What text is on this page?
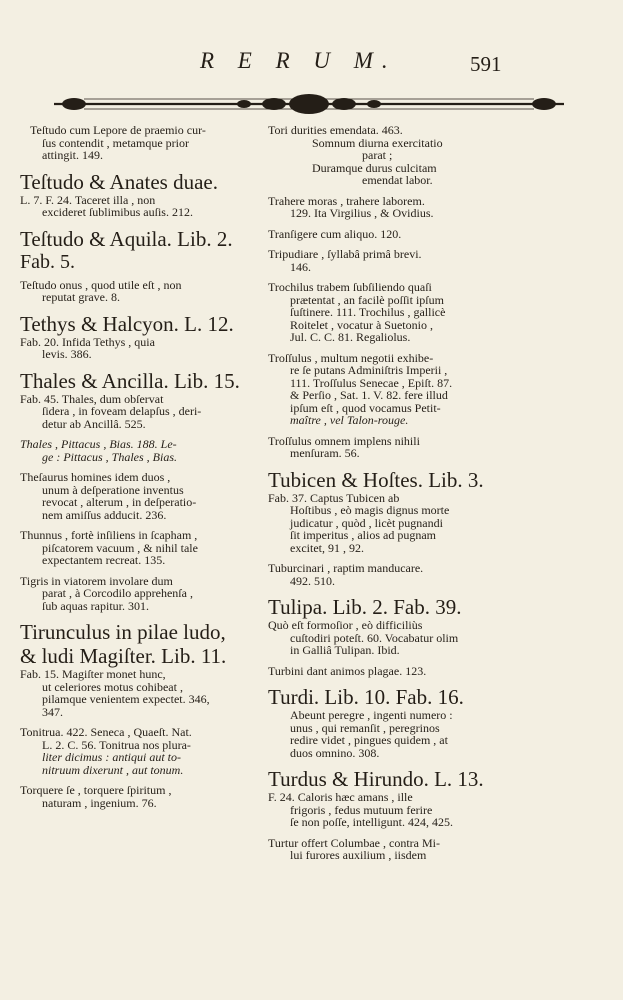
R E R U M.	591
Teſtudo cum Lepore de praemio cur-
ſus contendit , metamque prior
attingit. 149.
Teſtudo & Anates duae.
L. 7. F. 24. Taceret illa , non
excideret ſublimibus auſis. 212.
Teſtudo & Aquila. Lib. 2.
Fab. 5.
Teſtudo onus , quod utile eſt , non
reputat grave. 8.
Tethys & Halcyon. L. 12.
Fab. 20. Infida Tethys , quia
levis. 386.
Thales & Ancilla. Lib. 15.
Fab. 45. Thales, dum obſervat
ſidera , in foveam delapſus , deri-
detur ab Ancillâ. 525.
Thales , Pittacus , Bias. 188. Le-
ge : Pittacus , Thales , Bias.
Theſaurus homines idem duos ,
unum à deſperatione inventus
revocat , alterum , in deſperatio-
nem amiſſus adducit. 236.
Thunnus , fortè inſiliens in ſcapham ,
piſcatorem vacuum , & nihil tale
expectantem recreat. 135.
Tigris in viatorem involare dum
parat , à Corcodilo apprehenſa ,
ſub aquas rapitur. 301.
Tirunculus in pilae ludo,
& ludi Magiſter. Lib. 11.
Fab. 15. Magiſter monet hunc,
ut celeriores motus cohibeat ,
pilamque venientem expectet. 346,
347.
Tonitrua. 422. Seneca , Quaeſt. Nat.
L. 2. C. 56. Tonitrua nos plura-
liter dicimus : antiqui aut to-
nitruum dixerunt , aut tonum.
Torquere ſe , torquere ſpiritum ,
naturam , ingenium. 76.
Tori durities emendata. 463.
Somnum diurna exercitatio
parat ;
Duramque durus culcitam
emendat labor.
Trahere moras , trahere laborem.
129. Ita Virgilius , & Ovidius.
Tranſigere cum aliquo. 120.
Tripudiare , ſyllabâ primâ brevi.
146.
Trochilus trabem ſubſiliendo quaſi
prætentat , an facilè poſſit ipſum
ſuſtinere. 111. Trochilus , gallicè
Roitelet , vocatur à Suetonio ,
Jul. C. C. 81. Regaliolus.
Troſſulus , multum negotii exhibe-
re ſe putans Adminiſtris Imperii ,
111. Troſſulus Senecae , Epiſt. 87.
& Perſio , Sat. 1. V. 82. fere illud
ipſum eſt , quod vocamus Petit-
maître , vel Talon-rouge.
Troſſulus omnem implens nihili
menſuram. 56.
Tubicen & Hoſtes. Lib. 3.
Fab. 37. Captus Tubicen ab
Hoſtibus , eò magis dignus morte
judicatur , quòd , licèt pugnandi
ſit imperitus , alios ad pugnam
excitet, 91 , 92.
Tuburcinari , raptim manducare.
492. 510.
Tulipa. Lib. 2. Fab. 39.
Quò eſt formoſior , eò difficiliùs
cuſtodiri poteſt. 60. Vocabatur olim
in Galliâ Tulipan. Ibid.
Turbini dant animos plagae. 123.
Turdi. Lib. 10. Fab. 16.
Abeunt peregre , ingenti numero :
unus , qui remanſit , peregrinos
redire videt , pingues quidem , at
duos omnino. 308.
Turdus & Hirundo. L. 13.
F. 24. Caloris hæc amans , ille
frigoris , fedus mutuum ferire
ſe non poſſe, intelligunt. 424, 425.
Turtur offert Columbae , contra Mi-
lui furores auxilium , iisdem
